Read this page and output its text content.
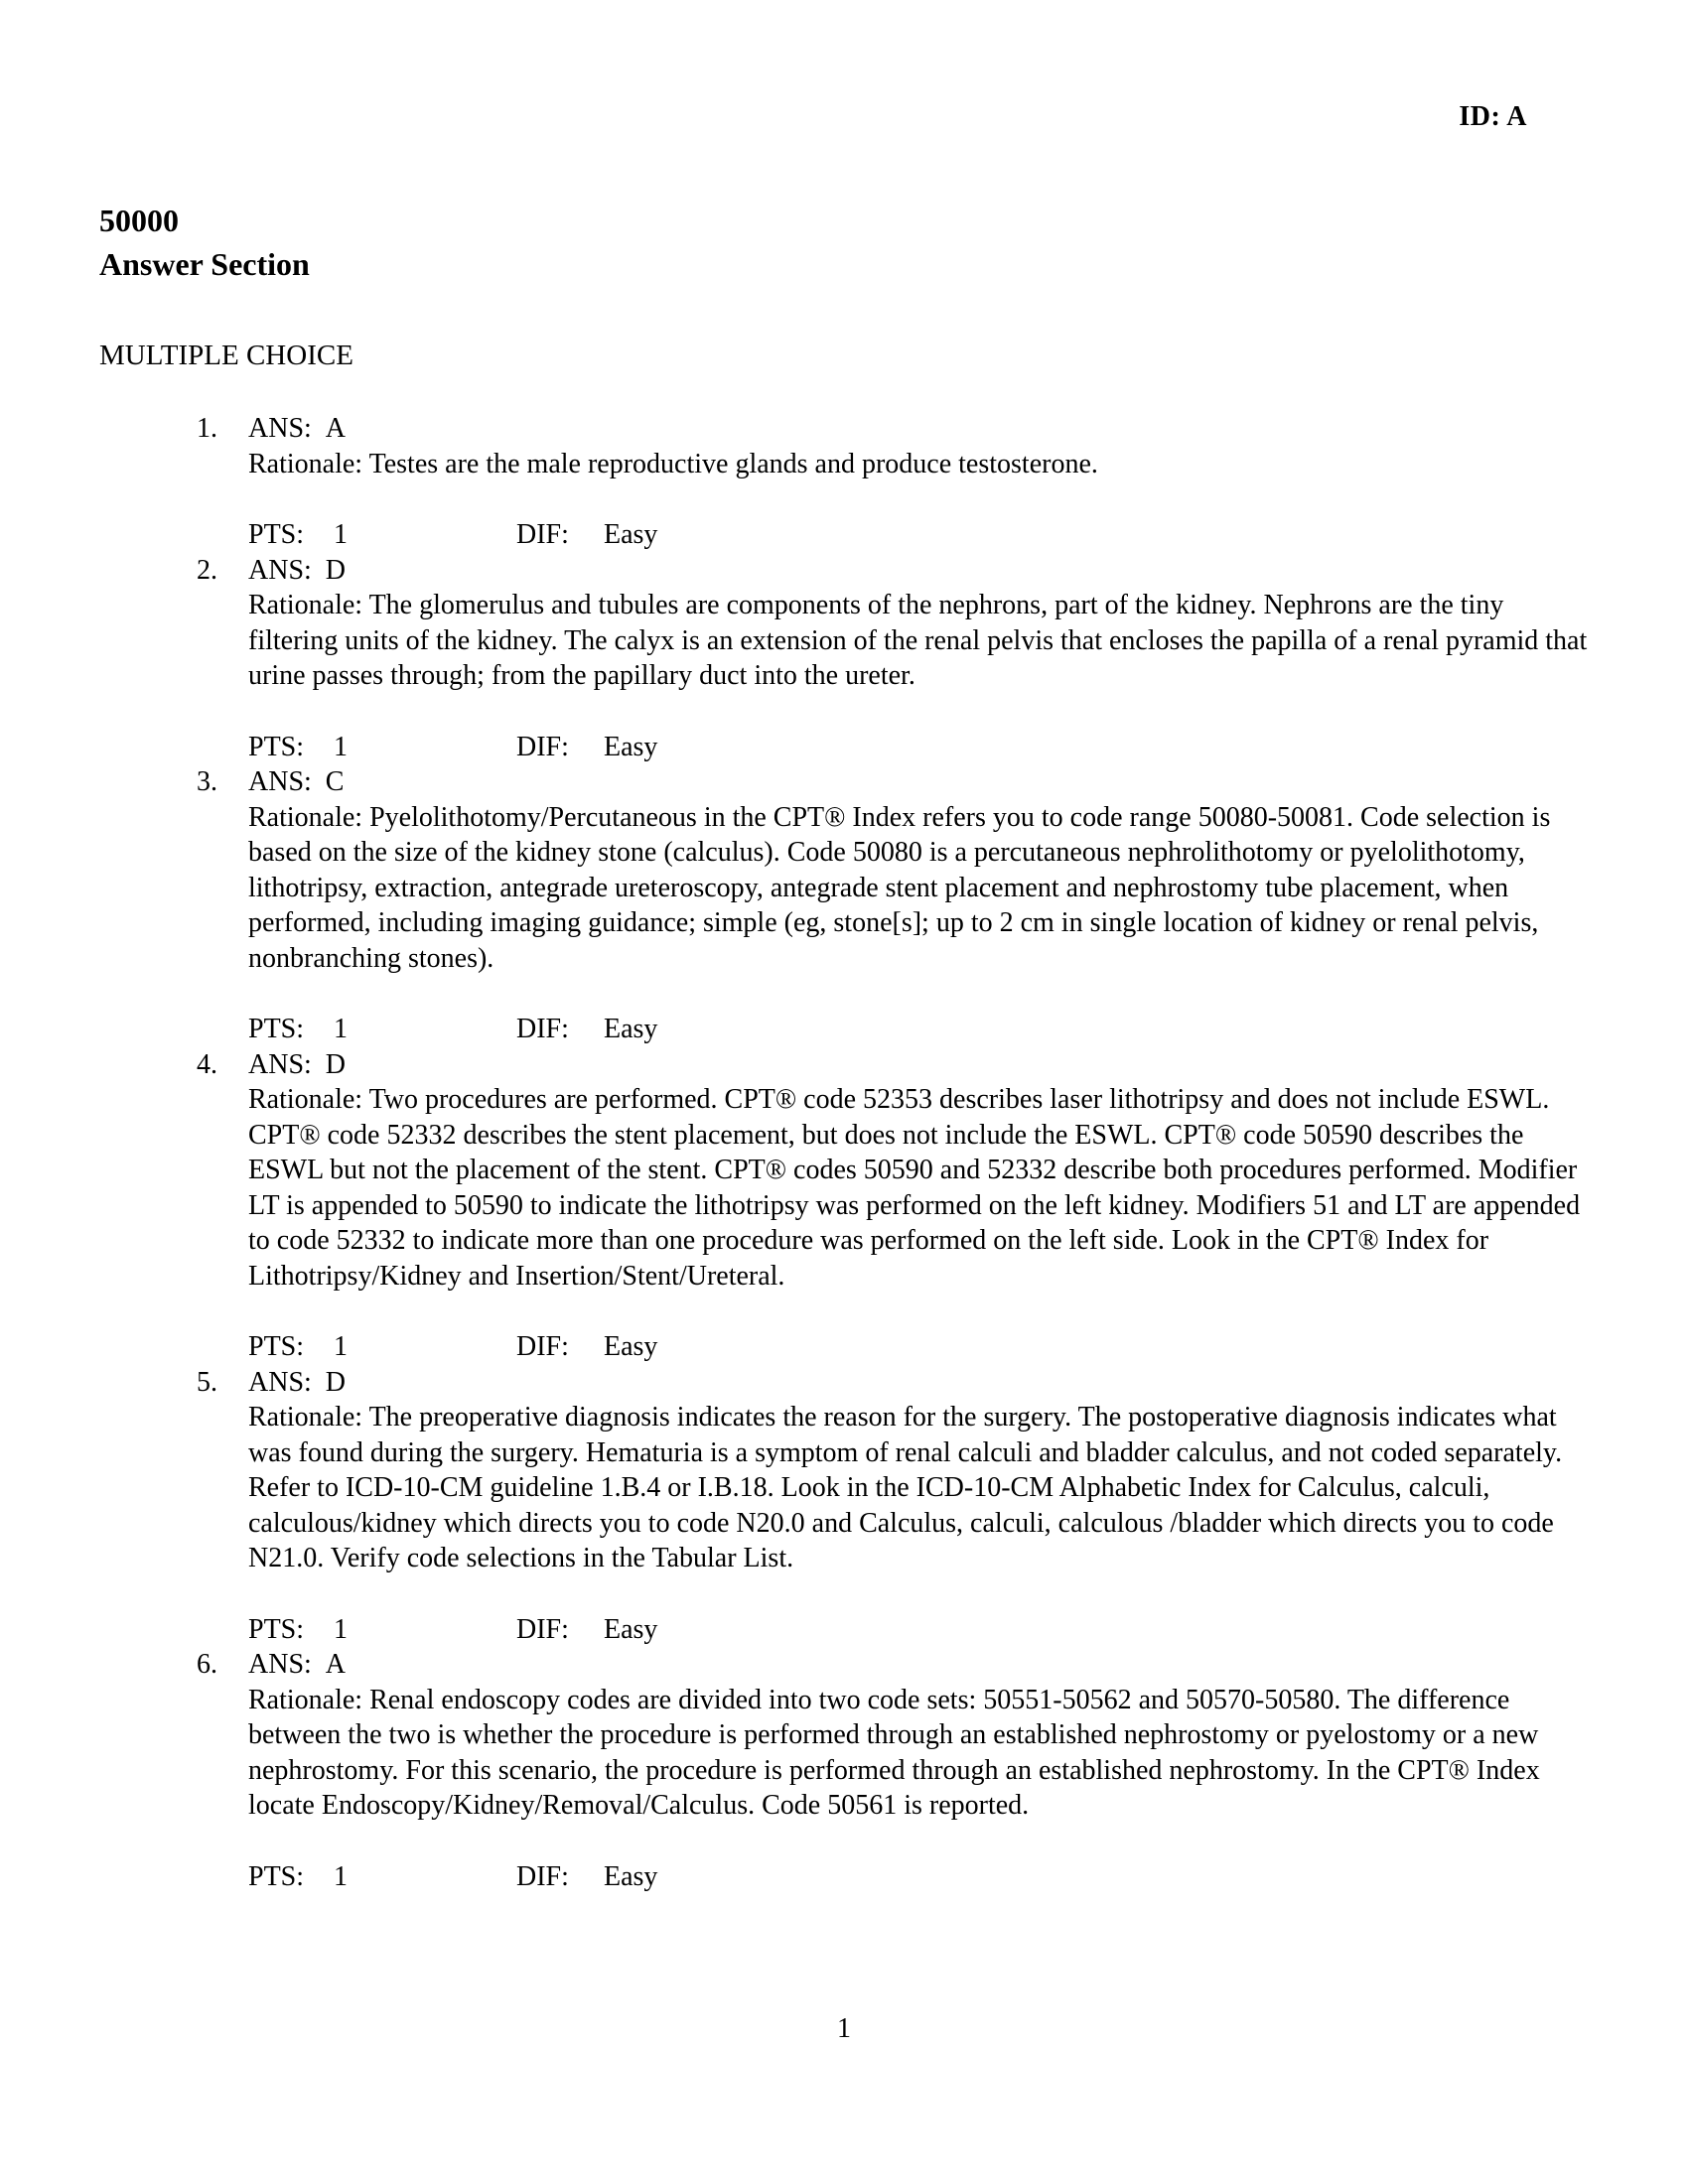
ID: A
50000
Answer Section
MULTIPLE CHOICE
1. ANS: A
Rationale: Testes are the male reproductive glands and produce testosterone.
PTS: 1	DIF: Easy
2. ANS: D
Rationale: The glomerulus and tubules are components of the nephrons, part of the kidney. Nephrons are the tiny filtering units of the kidney. The calyx is an extension of the renal pelvis that encloses the papilla of a renal pyramid that urine passes through; from the papillary duct into the ureter.
PTS: 1	DIF: Easy
3. ANS: C
Rationale: Pyelolithotomy/Percutaneous in the CPT® Index refers you to code range 50080-50081. Code selection is based on the size of the kidney stone (calculus). Code 50080 is a percutaneous nephrolithotomy or pyelolithotomy, lithotripsy, extraction, antegrade ureteroscopy, antegrade stent placement and nephrostomy tube placement, when performed, including imaging guidance; simple (eg, stone[s]; up to 2 cm in single location of kidney or renal pelvis, nonbranching stones).
PTS: 1	DIF: Easy
4. ANS: D
Rationale: Two procedures are performed. CPT® code 52353 describes laser lithotripsy and does not include ESWL. CPT® code 52332 describes the stent placement, but does not include the ESWL. CPT® code 50590 describes the ESWL but not the placement of the stent. CPT® codes 50590 and 52332 describe both procedures performed. Modifier LT is appended to 50590 to indicate the lithotripsy was performed on the left kidney. Modifiers 51 and LT are appended to code 52332 to indicate more than one procedure was performed on the left side. Look in the CPT® Index for Lithotripsy/Kidney and Insertion/Stent/Ureteral.
PTS: 1	DIF: Easy
5. ANS: D
Rationale: The preoperative diagnosis indicates the reason for the surgery. The postoperative diagnosis indicates what was found during the surgery. Hematuria is a symptom of renal calculi and bladder calculus, and not coded separately. Refer to ICD-10-CM guideline 1.B.4 or I.B.18. Look in the ICD-10-CM Alphabetic Index for Calculus, calculi, calculous/kidney which directs you to code N20.0 and Calculus, calculi, calculous /bladder which directs you to code N21.0. Verify code selections in the Tabular List.
PTS: 1	DIF: Easy
6. ANS: A
Rationale: Renal endoscopy codes are divided into two code sets: 50551-50562 and 50570-50580. The difference between the two is whether the procedure is performed through an established nephrostomy or pyelostomy or a new nephrostomy. For this scenario, the procedure is performed through an established nephrostomy. In the CPT® Index locate Endoscopy/Kidney/Removal/Calculus. Code 50561 is reported.
PTS: 1	DIF: Easy
1
